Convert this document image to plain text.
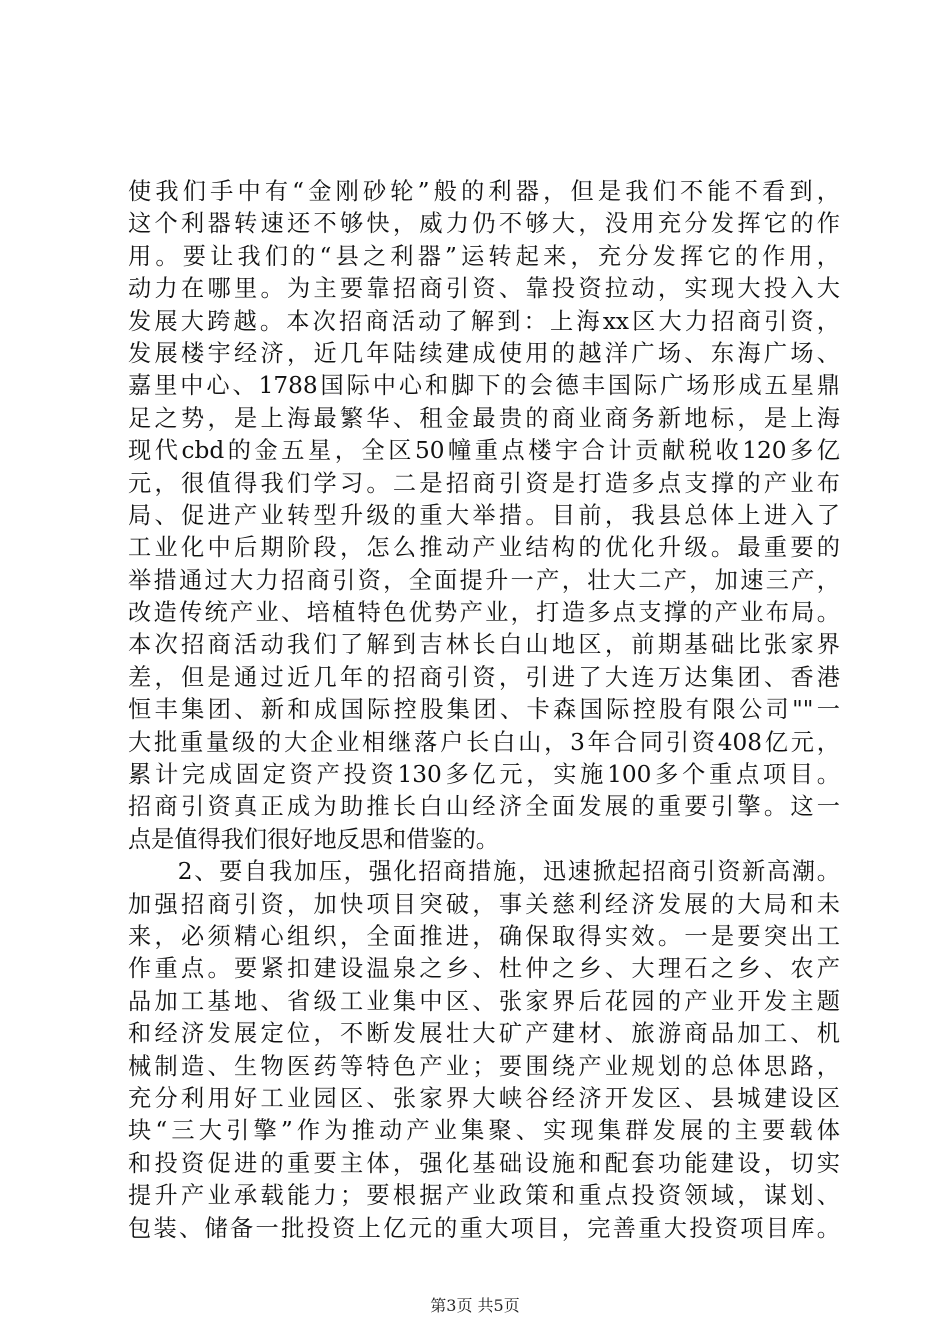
使我们手中有“金刚砂轮”般的利器，但是我们不能不看到，
这个利器转速还不够快，威力仍不够大，没用充分发挥它的作
用。要让我们的“县之利器”运转起来，充分发挥它的作用，
动力在哪里。为主要靠招商引资、靠投资拉动，实现大投入大
发展大跨越。本次招商活动了解到：上海xx区大力招商引资，
发展楼宇经济，近几年陆续建成使用的越洋广场、东海广场、
嘉里中心、1788国际中心和脚下的会德丰国际广场形成五星鼎
足之势，是上海最繁华、租金最贵的商业商务新地标，是上海
现代cbd的金五星，全区50幢重点楼宇合计贡献税收120多亿
元，很值得我们学习。二是招商引资是打造多点支撑的产业布
局、促进产业转型升级的重大举措。目前，我县总体上进入了
工业化中后期阶段，怎么推动产业结构的优化升级。最重要的
举措通过大力招商引资，全面提升一产，壮大二产，加速三产，
改造传统产业、培植特色优势产业，打造多点支撑的产业布局。
本次招商活动我们了解到吉林长白山地区，前期基础比张家界
差，但是通过近几年的招商引资，引进了大连万达集团、香港
恒丰集团、新和成国际控股集团、卡森国际控股有限公司""一
大批重量级的大企业相继落户长白山，3年合同引资408亿元，
累计完成固定资产投资130多亿元，实施100多个重点项目。
招商引资真正成为助推长白山经济全面发展的重要引擎。这一
点是值得我们很好地反思和借鉴的。
　　2、要自我加压，强化招商措施，迅速掀起招商引资新高潮。
加强招商引资，加快项目突破，事关慈利经济发展的大局和未
来，必须精心组织，全面推进，确保取得实效。一是要突出工
作重点。要紧扣建设温泉之乡、杜仲之乡、大理石之乡、农产
品加工基地、省级工业集中区、张家界后花园的产业开发主题
和经济发展定位，不断发展壮大矿产建材、旅游商品加工、机
械制造、生物医药等特色产业；要围绕产业规划的总体思路，
充分利用好工业园区、张家界大峡谷经济开发区、县城建设区
块“三大引擎”作为推动产业集聚、实现集群发展的主要载体
和投资促进的重要主体，强化基础设施和配套功能建设，切实
提升产业承载能力；要根据产业政策和重点投资领域，谋划、
包装、储备一批投资上亿元的重大项目，完善重大投资项目库。
第3页 共5页
